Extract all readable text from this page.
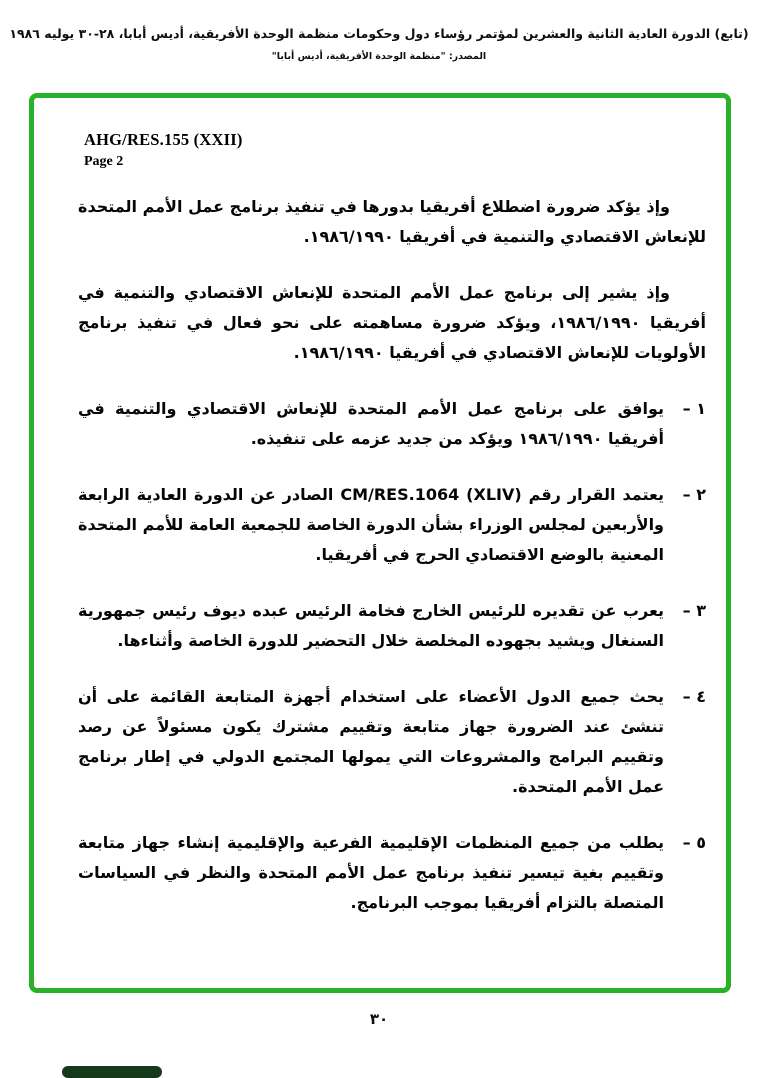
(تابع) الدورة العادية الثانية والعشرين لمؤتمر رؤساء دول وحكومات منظمة الوحدة الأفريقية، أديس أبابا، ٢٨-٣٠ يوليه ١٩٨٦
المصدر: "منظمة الوحدة الأفريقية، أديس أبابا"
AHG/RES.155 (XXII)
Page 2

وإذ يؤكد ضرورة اضطلاع أفريقيا بدورها في تنفيذ برنامج عمل الأمم المتحدة للإنعاش الاقتصادي والتنمية في أفريقيا ١٩٨٦/١٩٩٠.

وإذ يشير إلى برنامج عمل الأمم المتحدة للإنعاش الاقتصادي والتنمية في أفريقيا ١٩٨٦/١٩٩٠، ويؤكد ضرورة مساهمته على نحو فعال في تنفيذ برنامج الأولويات للإنعاش الاقتصادي في أفريقيا ١٩٨٦/١٩٩٠.

١ –
يوافق على برنامج عمل الأمم المتحدة للإنعاش الاقتصادي والتنمية في أفريقيا ١٩٨٦/١٩٩٠ ويؤكد من جديد عزمه على تنفيذه.
٢ –
يعتمد القرار رقم CM/RES.1064 (XLIV) الصادر عن الدورة العادية الرابعة والأربعين لمجلس الوزراء بشأن الدورة الخاصة للجمعية العامة للأمم المتحدة المعنية بالوضع الاقتصادي الحرج في أفريقيا.
٣ –
يعرب عن تقديره للرئيس الخارج فخامة الرئيس عبده ديوف رئيس جمهورية السنغال ويشيد بجهوده المخلصة خلال التحضير للدورة الخاصة وأثناءها.
٤ –
يحث جميع الدول الأعضاء على استخدام أجهزة المتابعة القائمة على أن تنشئ عند الضرورة جهاز متابعة وتقييم مشترك يكون مسئولاً عن رصد وتقييم البرامج والمشروعات التي يمولها المجتمع الدولي في إطار برنامج عمل الأمم المتحدة.
٥ –
يطلب من جميع المنظمات الإقليمية الفرعية والإقليمية إنشاء جهاز متابعة وتقييم بغية تيسير تنفيذ برنامج عمل الأمم المتحدة والنظر في السياسات المتصلة بالتزام أفريقيا بموجب البرنامج.
٣٠
